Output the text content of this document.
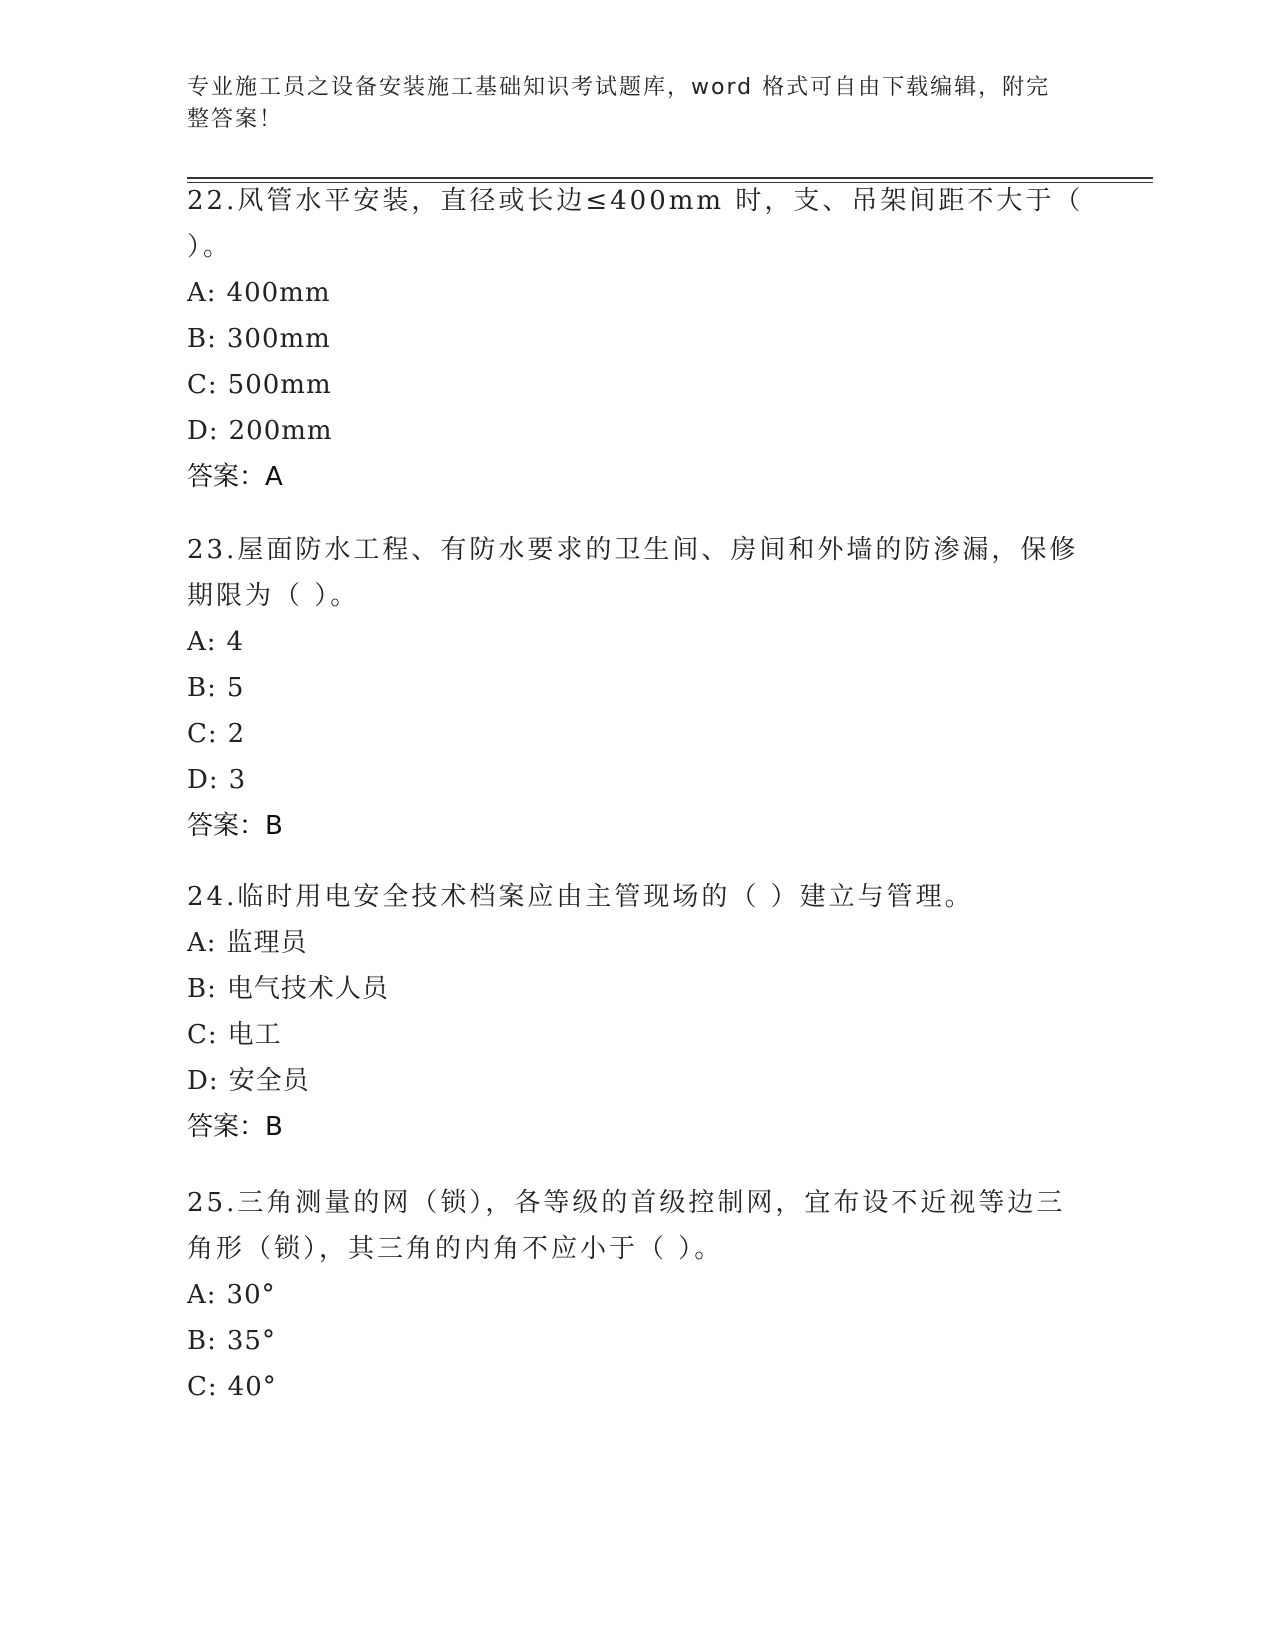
专业施工员之设备安装施工基础知识考试题库，word 格式可自由下载编辑，附完整答案！

22.风管水平安装，直径或长边≤400mm 时，支、吊架间距不大于（ ）。

A: 400mm

B: 300mm

C: 500mm

D: 200mm

答案：A

23.屋面防水工程、有防水要求的卫生间、房间和外墙的防渗漏，保修期限为（ ）。

A: 4

B: 5

C: 2

D: 3

答案：B

24.临时用电安全技术档案应由主管现场的（ ）建立与管理。

A: 监理员

B: 电气技术人员

C: 电工

D: 安全员

答案：B

25.三角测量的网（锁），各等级的首级控制网，宜布设不近视等边三角形（锁），其三角的内角不应小于（ ）。

A: 30°

B: 35°

C: 40°
